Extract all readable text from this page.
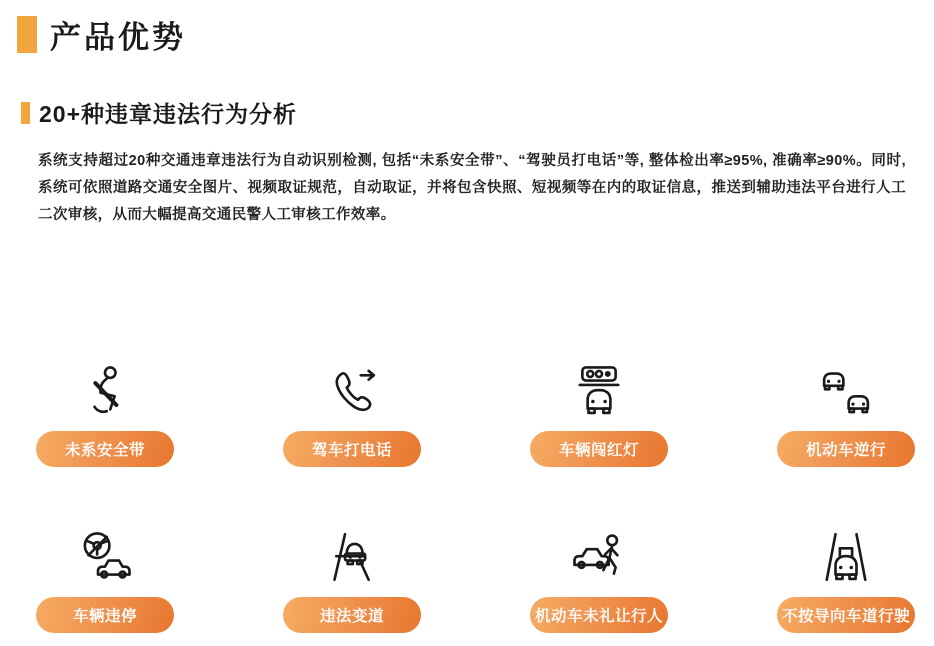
产品优势
20+种违章违法行为分析

系统支持超过20种交通违章违法行为自动识别检测, 包括“未系安全带”、“驾驶员打电话”等, 整体检出率≥95%, 准确率≥90%。同时, 系统可依照道路交通安全图片、视频取证规范，自动取证，并将包含快照、短视频等在内的取证信息，推送到辅助违法平台进行人工二次审核，从而大幅提高交通民警人工审核工作效率。

未系安全带	驾车打电话	车辆闯红灯	机动车逆行
车辆违停	违法变道	机动车未礼让行人	不按导向车道行驶
